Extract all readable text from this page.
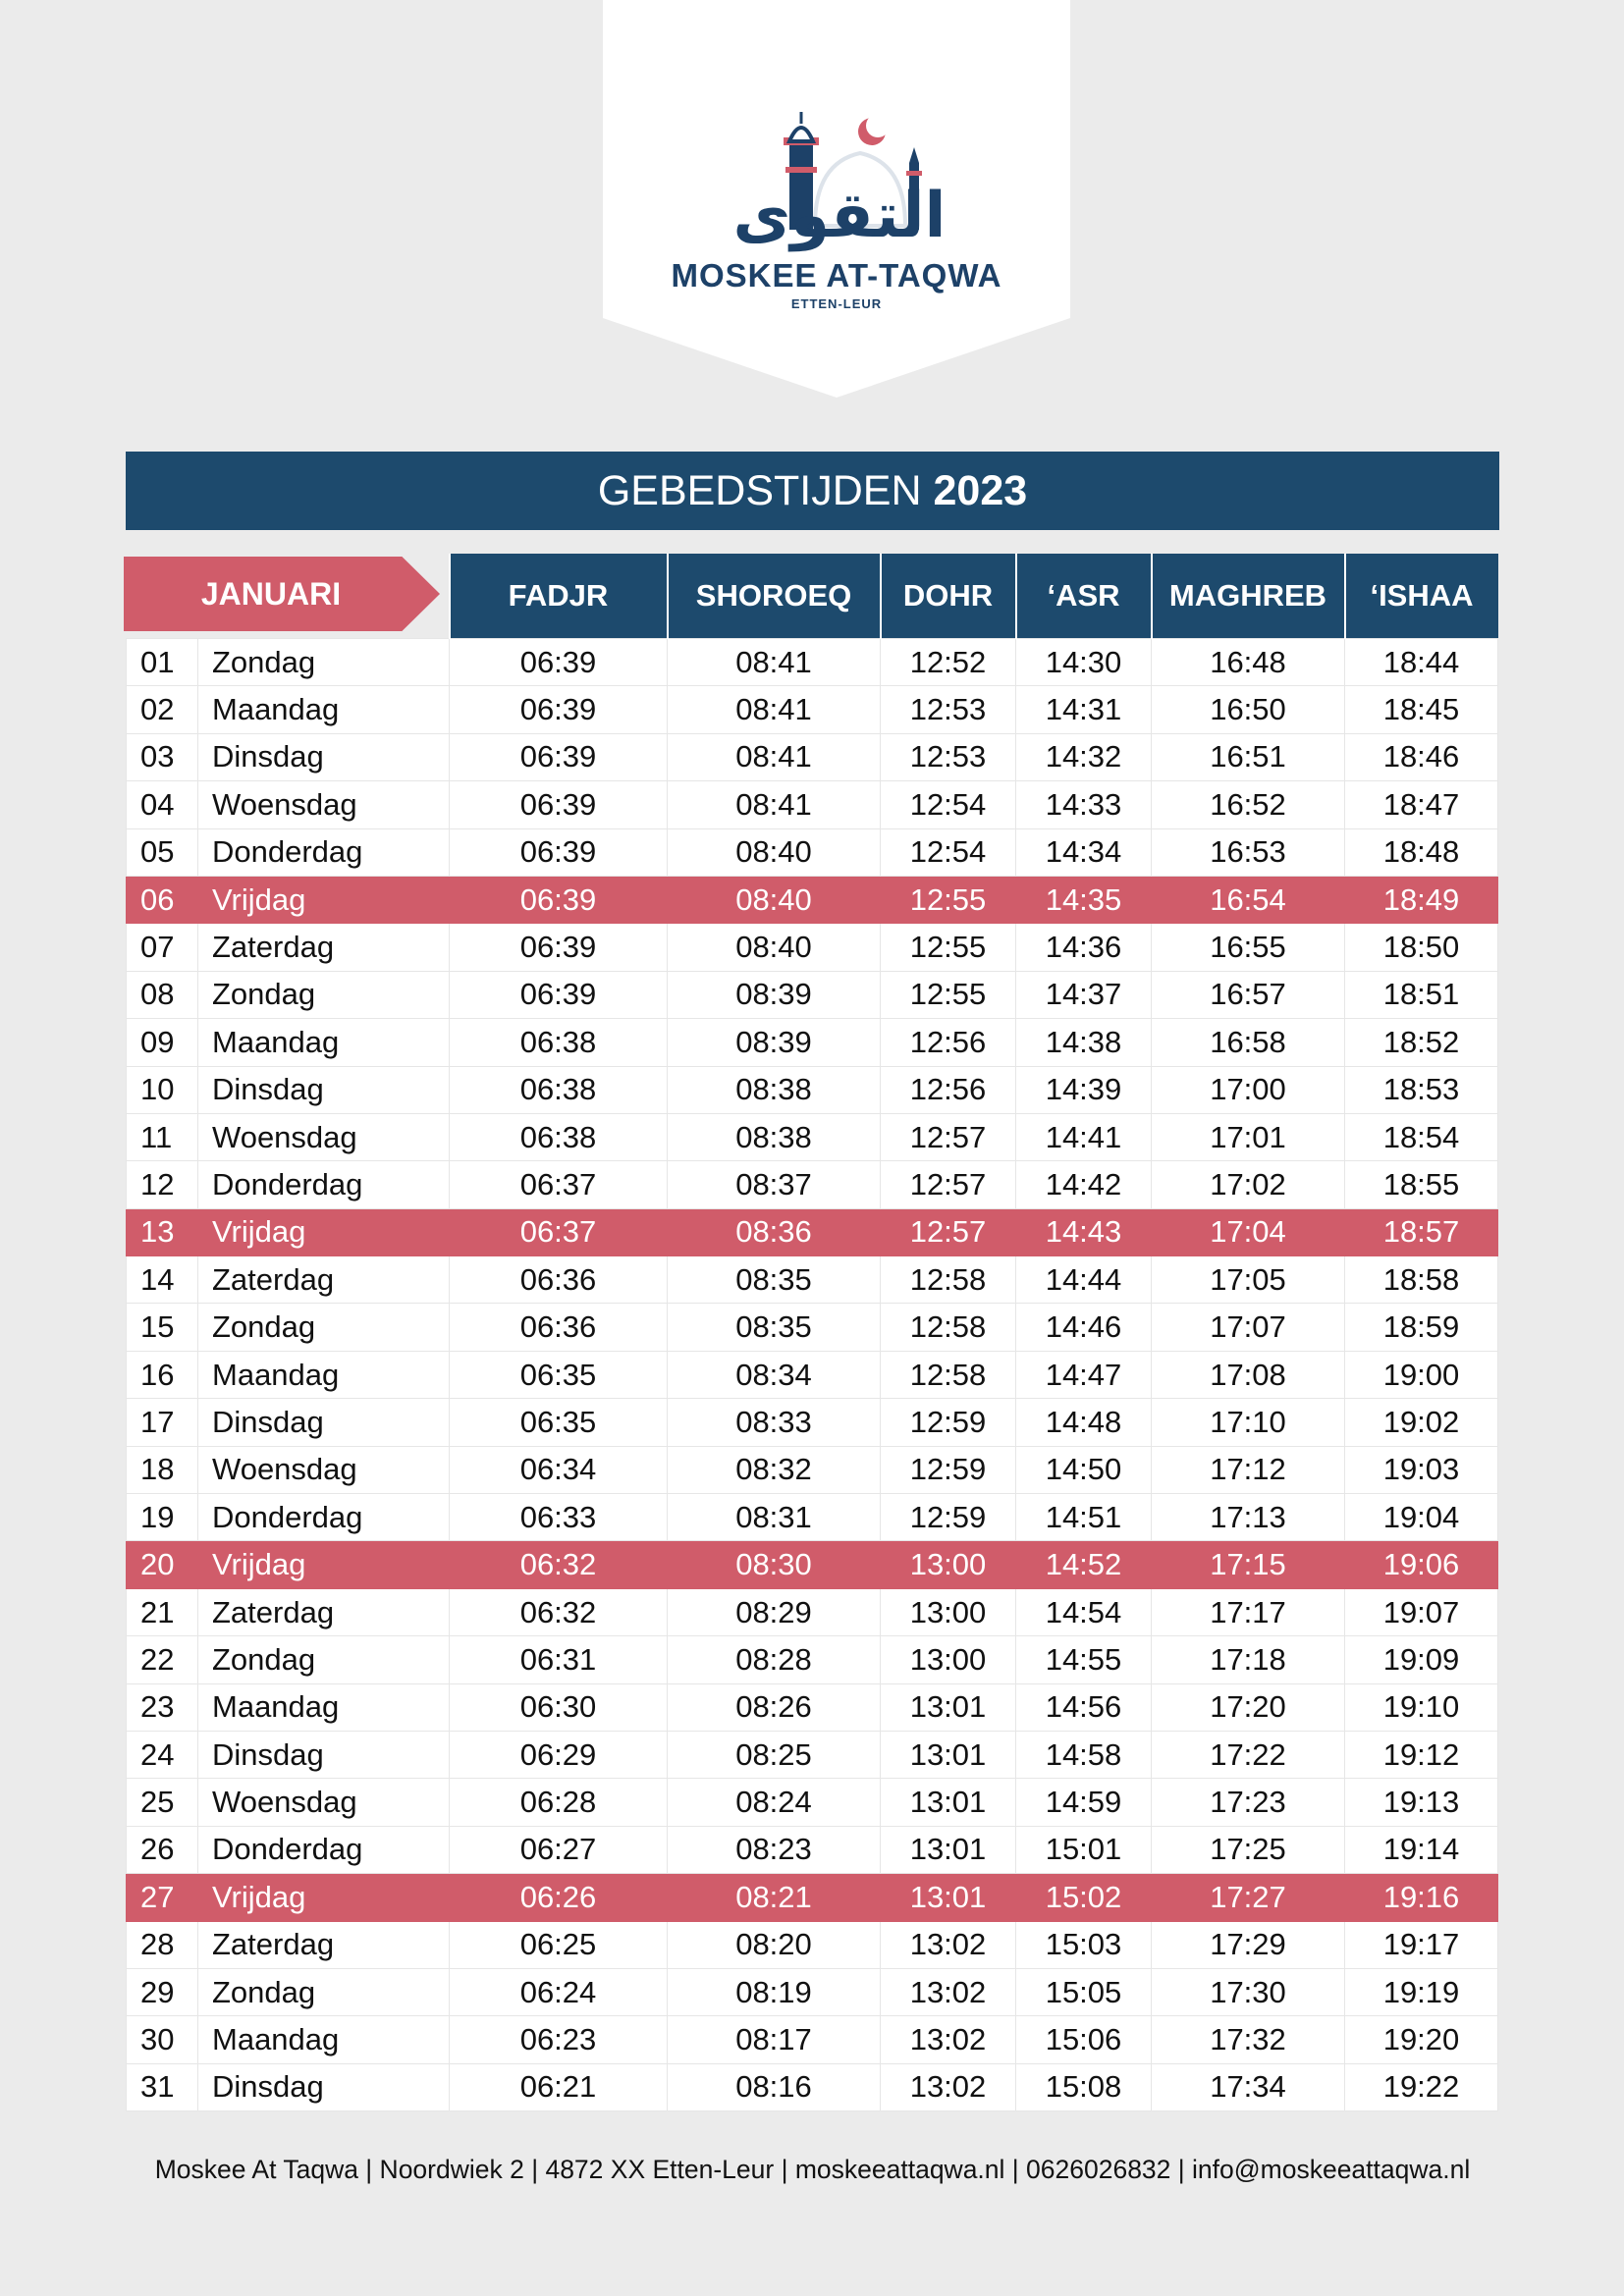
التقوى
MOSKEE AT-TAQWA
ETTEN-LEUR
GEBEDSTIJDEN 2023
		FADJR	SHOROEQ	DOHR	‘ASR	MAGHREB	‘ISHAA
01	Zondag	06:39	08:41	12:52	14:30	16:48	18:44
02	Maandag	06:39	08:41	12:53	14:31	16:50	18:45
03	Dinsdag	06:39	08:41	12:53	14:32	16:51	18:46
04	Woensdag	06:39	08:41	12:54	14:33	16:52	18:47
05	Donderdag	06:39	08:40	12:54	14:34	16:53	18:48
06	Vrijdag	06:39	08:40	12:55	14:35	16:54	18:49
07	Zaterdag	06:39	08:40	12:55	14:36	16:55	18:50
08	Zondag	06:39	08:39	12:55	14:37	16:57	18:51
09	Maandag	06:38	08:39	12:56	14:38	16:58	18:52
10	Dinsdag	06:38	08:38	12:56	14:39	17:00	18:53
11	Woensdag	06:38	08:38	12:57	14:41	17:01	18:54
12	Donderdag	06:37	08:37	12:57	14:42	17:02	18:55
13	Vrijdag	06:37	08:36	12:57	14:43	17:04	18:57
14	Zaterdag	06:36	08:35	12:58	14:44	17:05	18:58
15	Zondag	06:36	08:35	12:58	14:46	17:07	18:59
16	Maandag	06:35	08:34	12:58	14:47	17:08	19:00
17	Dinsdag	06:35	08:33	12:59	14:48	17:10	19:02
18	Woensdag	06:34	08:32	12:59	14:50	17:12	19:03
19	Donderdag	06:33	08:31	12:59	14:51	17:13	19:04
20	Vrijdag	06:32	08:30	13:00	14:52	17:15	19:06
21	Zaterdag	06:32	08:29	13:00	14:54	17:17	19:07
22	Zondag	06:31	08:28	13:00	14:55	17:18	19:09
23	Maandag	06:30	08:26	13:01	14:56	17:20	19:10
24	Dinsdag	06:29	08:25	13:01	14:58	17:22	19:12
25	Woensdag	06:28	08:24	13:01	14:59	17:23	19:13
26	Donderdag	06:27	08:23	13:01	15:01	17:25	19:14
27	Vrijdag	06:26	08:21	13:01	15:02	17:27	19:16
28	Zaterdag	06:25	08:20	13:02	15:03	17:29	19:17
29	Zondag	06:24	08:19	13:02	15:05	17:30	19:19
30	Maandag	06:23	08:17	13:02	15:06	17:32	19:20
31	Dinsdag	06:21	08:16	13:02	15:08	17:34	19:22
JANUARI
Moskee At Taqwa | Noordwiek 2 | 4872 XX Etten-Leur | moskeeattaqwa.nl | 0626026832 | info@moskeeattaqwa.nl
